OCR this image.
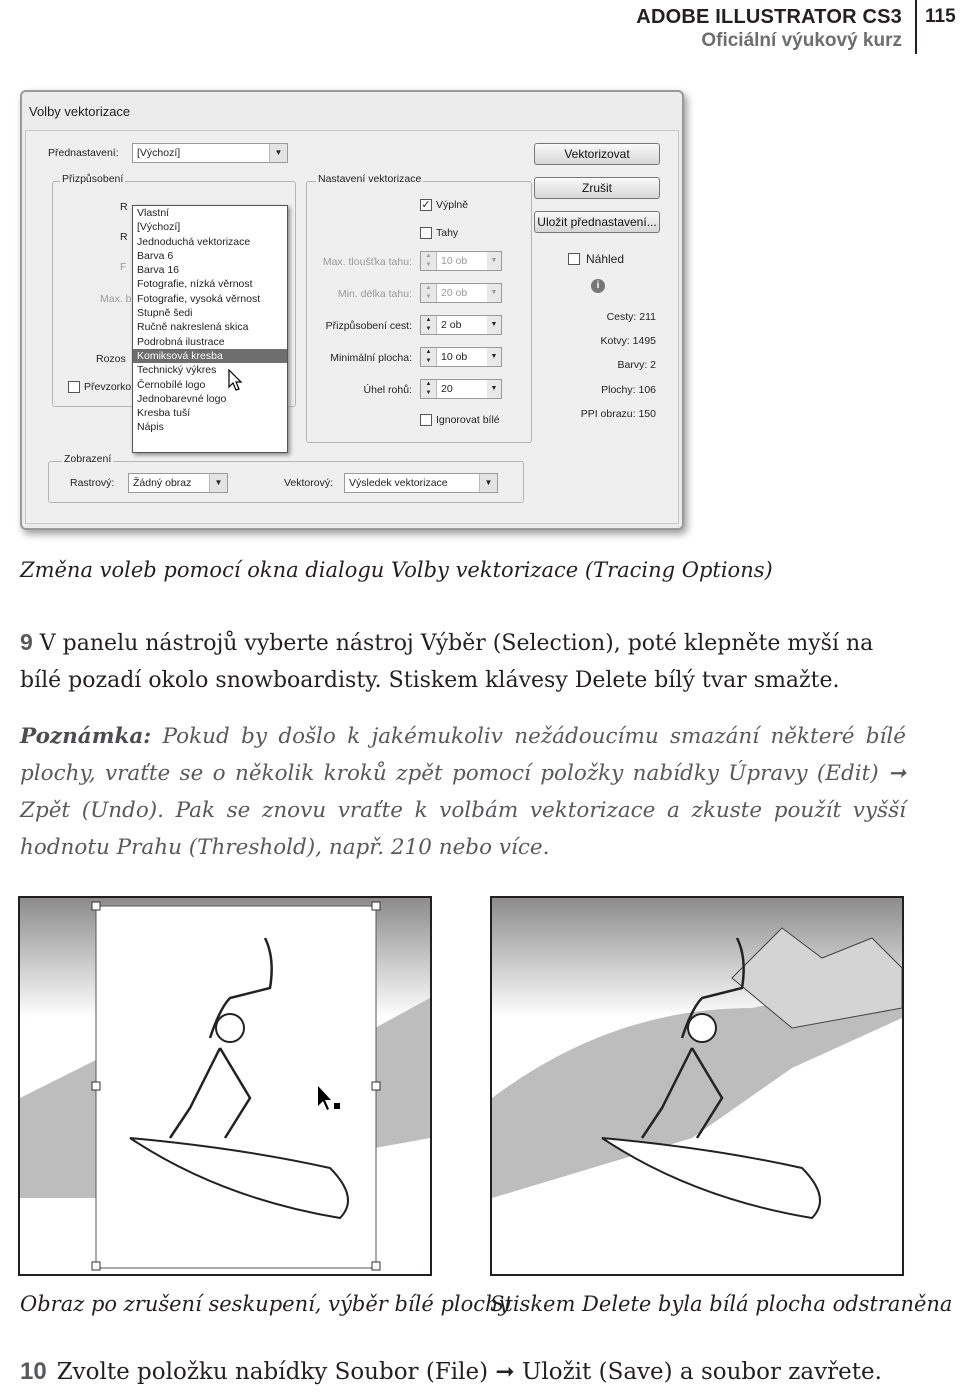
ADOBE ILLUSTRATOR CS3
Oficiální výukový kurz
115
Volby vektorizace
Přednastavení:	[Výchozí]	▼
Přizpůsobení
R
R
F
Max. b
Rozos
Převzorko
Vlastní
[Výchozí]
Jednoduchá vektorizace
Barva 6
Barva 16
Fotografie, nízká věrnost
Fotografie, vysoká věrnost
Stupně šedi
Ručně nakreslená skica
Podrobná ilustrace
Komiksová kresba
Technický výkres
Černobílé logo
Jednobarevné logo
Kresba tuší
Nápis
Nastavení vektorizace
✓ Výplně
Tahy
Max. tloušťka tahu:	▲
▼ 10 ob	▼
Min. délka tahu:	▲
▼ 20 ob	▼
Přizpůsobení cest:	▲
▼ 2 ob	▼
Minimální plocha:	▲
▼ 10 ob	▼
Úhel rohů:	▲
▼ 20	▼
Ignorovat bílé
Vektorizovat
Zrušit
Uložit přednastavení...
Náhled
i
Cesty: 211
Kotvy: 1495
Barvy: 2
Plochy: 106
PPI obrazu: 150
Zobrazení
Rastrový:	Žádný obraz	▼	Vektorový:	Výsledek vektorizace	▼
Změna voleb pomocí okna dialogu Volby vektorizace (Tracing Options)
9 V panelu nástrojů vyberte nástroj Výběr (Selection), poté klepněte myší na bílé pozadí okolo snowboardisty. Stiskem klávesy Delete bílý tvar smažte.
Poznámka: Pokud by došlo k jakémukoliv nežádoucímu smazání některé bílé plochy, vraťte se o několik kroků zpět pomocí položky nabídky Úpravy (Edit) ➞ Zpět (Undo). Pak se znovu vraťte k volbám vektorizace a zkuste použít vyšší hodnotu Prahu (Threshold), např. 210 nebo více.
Obraz po zrušení seskupení, výběr bílé plochy
Stiskem Delete byla bílá plocha odstraněna
10 Zvolte položku nabídky Soubor (File) ➞ Uložit (Save) a soubor zavřete.
